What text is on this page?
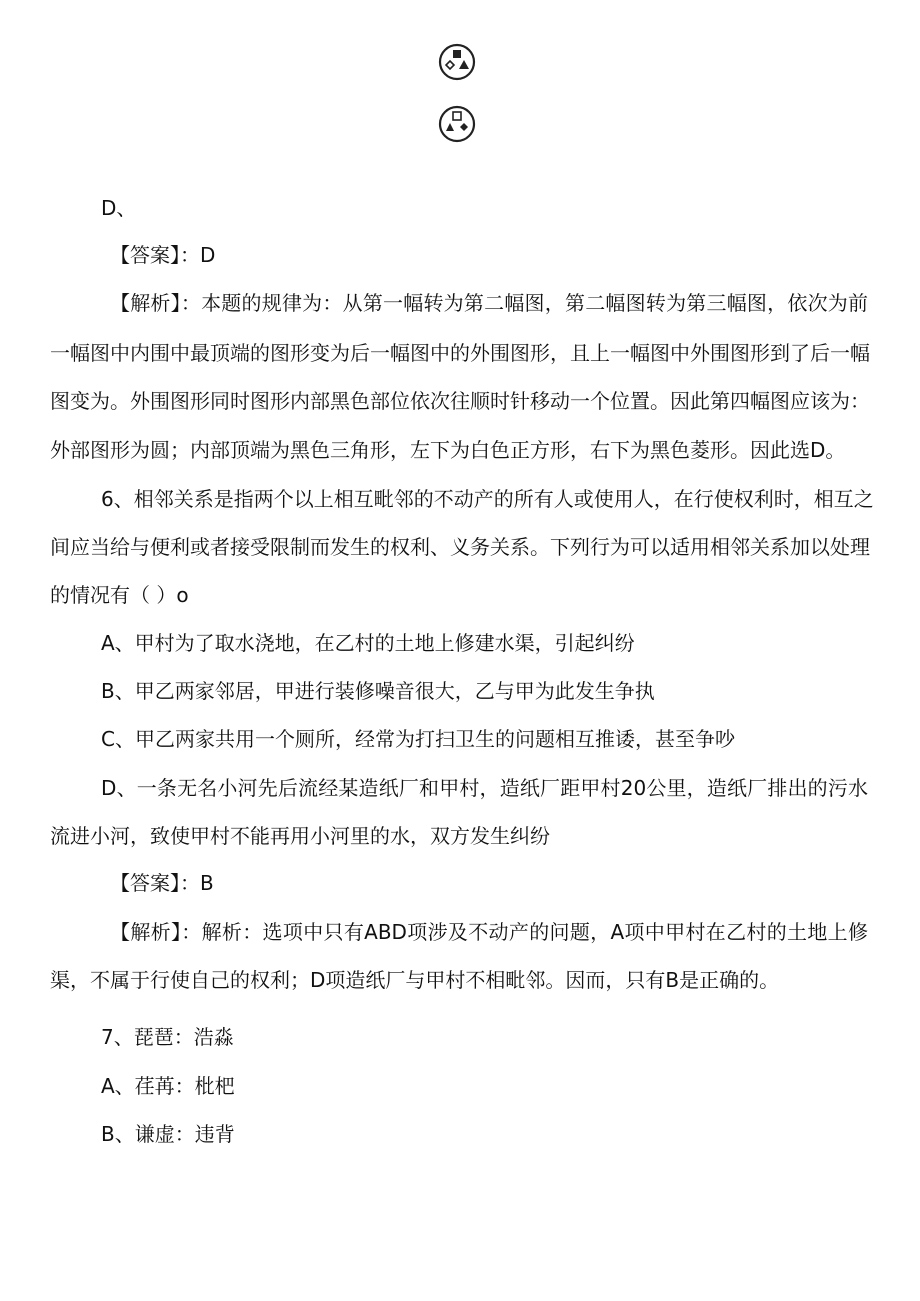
D、
【答案】：D
【解析】：本题的规律为：从第一幅转为第二幅图，第二幅图转为第三幅图，依次为前
一幅图中内围中最顶端的图形变为后一幅图中的外围图形，且上一幅图中外围图形到了后一幅
图变为。外围图形同时图形内部黑色部位依次往顺时针移动一个位置。因此第四幅图应该为：
外部图形为圆；内部顶端为黑色三角形，左下为白色正方形，右下为黑色菱形。因此选D。
6、相邻关系是指两个以上相互毗邻的不动产的所有人或使用人，在行使权利时，相互之
间应当给与便利或者接受限制而发生的权利、义务关系。下列行为可以适用相邻关系加以处理
的情况有（ ）o
A、甲村为了取水浇地，在乙村的土地上修建水渠，引起纠纷
B、甲乙两家邻居，甲进行装修噪音很大，乙与甲为此发生争执
C、甲乙两家共用一个厕所，经常为打扫卫生的问题相互推诿，甚至争吵
D、一条无名小河先后流经某造纸厂和甲村，造纸厂距甲村20公里，造纸厂排出的污水
流进小河，致使甲村不能再用小河里的水，双方发生纠纷
【答案】：B
【解析】：解析：选项中只有ABD项涉及不动产的问题，A项中甲村在乙村的土地上修
渠，不属于行使自己的权利；D项造纸厂与甲村不相毗邻。因而，只有B是正确的。
7、琵琶：浩淼
A、荏苒：枇杷
B、谦虚：违背
